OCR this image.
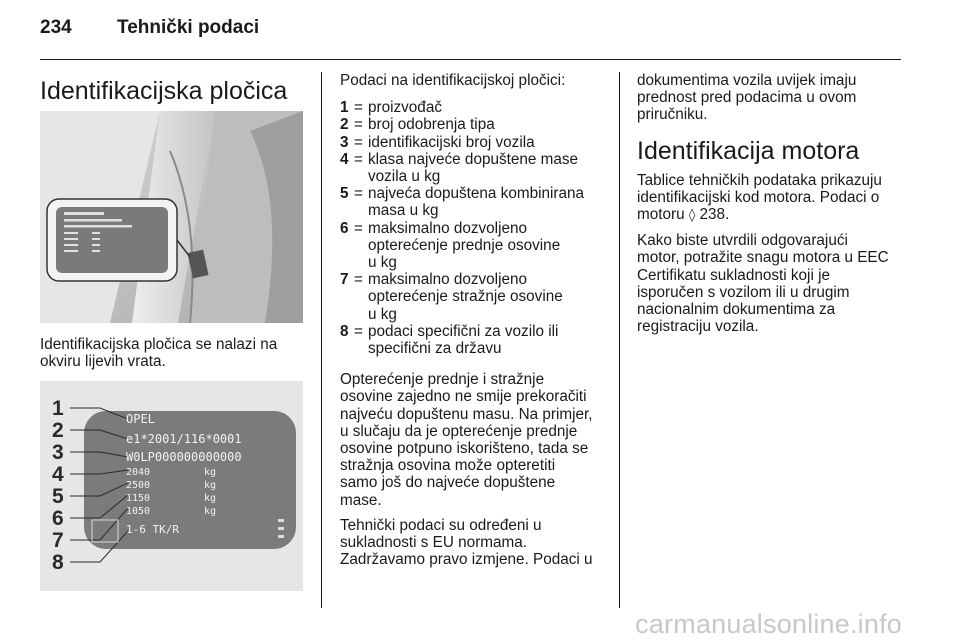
234 Tehnički podaci
Identifikacijska pločica

Identifikacijska pločica se nalazi na
okviru lijevih vrata.

1
2
3
4
5
6
7
8
OPEL
e1*2001/116*0001
W0LP000000000000
2040
2500
1150
1050
kg
kg
kg
kg
1-6 TK/R

Podaci na identifikacijskoj pločici:

1 = proizvođač
2 = broj odobrenja tipa
3 = identifikacijski broj vozila
4 = klasa najveće dopuštene mase
vozila u kg
5 = najveća dopuštena kombinirana
masa u kg
6 = maksimalno dozvoljeno
opterećenje prednje osovine
u kg
7 = maksimalno dozvoljeno
opterećenje stražnje osovine
u kg
8 = podaci specifični za vozilo ili
specifični za državu

Opterećenje prednje i stražnje
osovine zajedno ne smije prekoračiti
najveću dopuštenu masu. Na primjer,
u slučaju da je opterećenje prednje
osovine potpuno iskorišteno, tada se
stražnja osovina može opteretiti
samo još do najveće dopuštene
mase.

Tehnički podaci su određeni u
sukladnosti s EU normama.
Zadržavamo pravo izmjene. Podaci u

dokumentima vozila uvijek imaju
prednost pred podacima u ovom
priručniku.

Identifikacija motora

Tablice tehničkih podataka prikazuju
identifikacijski kod motora. Podaci o
motoru ◊ 238.

Kako biste utvrdili odgovarajući
motor, potražite snagu motora u EEC
Certifikatu sukladnosti koji je
isporučen s vozilom ili u drugim
nacionalnim dokumentima za
registraciju vozila.

carmanualsonline.info
